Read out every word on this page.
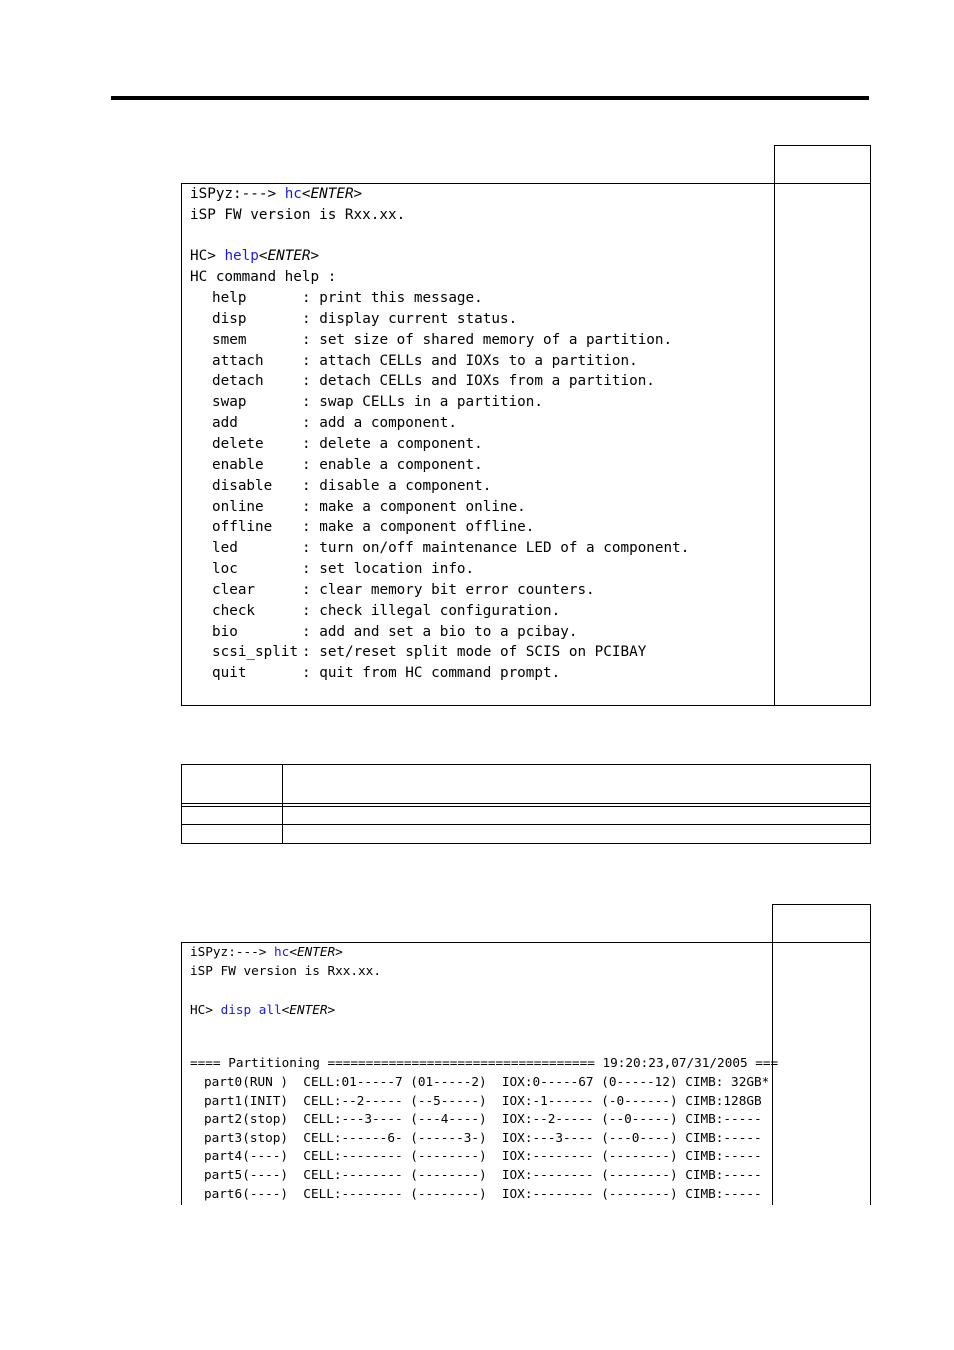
iSPyz:---> hc<ENTER>
iSP FW version is Rxx.xx.
HC> help<ENTER>
HC command help :
help	: print this message.
disp	: display current status.
smem	: set size of shared memory of a partition.
attach	: attach CELLs and IOXs to a partition.
detach	: detach CELLs and IOXs from a partition.
swap	: swap CELLs in a partition.
add	: add a component.
delete	: delete a component.
enable	: enable a component.
disable : disable a component.
online	: make a component online.
offline : make a component offline.
led	: turn on/off maintenance LED of a component.
loc	: set location info.
clear	: clear memory bit error counters.
check	: check illegal configuration.
bio	: add and set a bio to a pcibay.
scsi_split : set/reset split mode of SCIS on PCIBAY
quit	: quit from HC command prompt.
iSPyz:---> hc<ENTER>
iSP FW version is Rxx.xx.
HC> disp all<ENTER>
==== Partitioning =================================== 19:20:23,07/31/2005 ===
part0(RUN )  CELL:01-----7 (01-----2)  IOX:0-----67 (0-----12) CIMB: 32GB*
part1(INIT)  CELL:--2----- (--5-----)  IOX:-1------ (-0------) CIMB:128GB
part2(stop)  CELL:---3---- (---4----)  IOX:--2----- (--0-----) CIMB:-----
part3(stop)  CELL:------6- (------3-)  IOX:---3---- (---0----) CIMB:-----
part4(----)  CELL:-------- (--------)  IOX:-------- (--------) CIMB:-----
part5(----)  CELL:-------- (--------)  IOX:-------- (--------) CIMB:-----
part6(----)  CELL:-------- (--------)  IOX:-------- (--------) CIMB:-----
